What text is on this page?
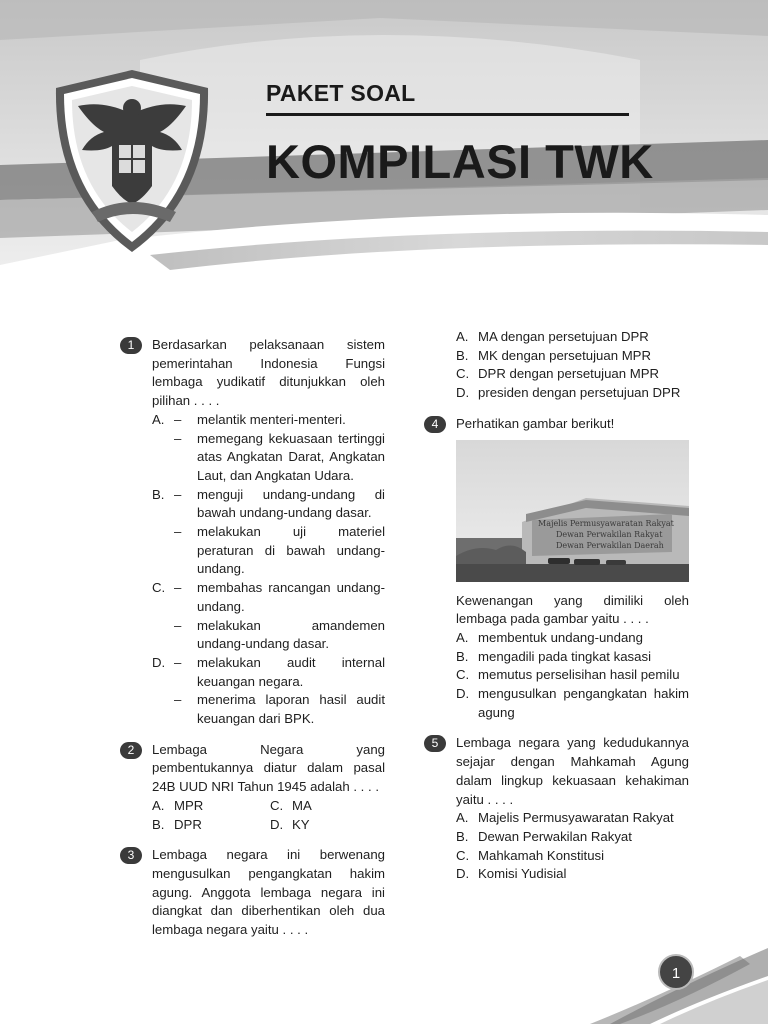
PAKET SOAL
KOMPILASI TWK
1	Berdasarkan pelaksanaan sistem pemerintahan Indonesia Fungsi lembaga yudikatif ditunjukkan oleh pilihan . . . .
A. –	melantik menteri-menteri.
–	memegang kekuasaan tertinggi atas Angkatan Darat, Angkatan Laut, dan Angkatan Udara.
B. –	menguji undang-undang di bawah undang-undang dasar.
–	melakukan uji materiel peraturan di bawah undang-undang.
C. –	membahas rancangan undang-undang.
–	melakukan amandemen undang-undang dasar.
D. –	melakukan audit internal keuangan negara.
–	menerima laporan hasil audit keuangan dari BPK.
2	Lembaga Negara yang pembentukannya diatur dalam pasal 24B UUD NRI Tahun 1945 adalah . . . .
A. MPR	C. MA
B. DPR	D. KY
3	Lembaga negara ini berwenang mengusulkan pengangkatan hakim agung. Anggota lembaga negara ini diangkat dan diberhentikan oleh dua lembaga negara yaitu . . . .
A. MA dengan persetujuan DPR
B. MK dengan persetujuan MPR
C. DPR dengan persetujuan MPR
D. presiden dengan persetujuan DPR
4	Perhatikan gambar berikut!
Majelis Permusyawaratan Rakyat
Dewan Perwakilan Rakyat
Dewan Perwakilan Daerah
Kewenangan yang dimiliki oleh lembaga pada gambar yaitu . . . .
A. membentuk undang-undang
B. mengadili pada tingkat kasasi
C. memutus perselisihan hasil pemilu
D. mengusulkan pengangkatan hakim agung
5	Lembaga negara yang kedudukannya sejajar dengan Mahkamah Agung dalam lingkup kekuasaan kehakiman yaitu . . . .
A. Majelis Permusyawaratan Rakyat
B. Dewan Perwakilan Rakyat
C. Mahkamah Konstitusi
D. Komisi Yudisial
1
